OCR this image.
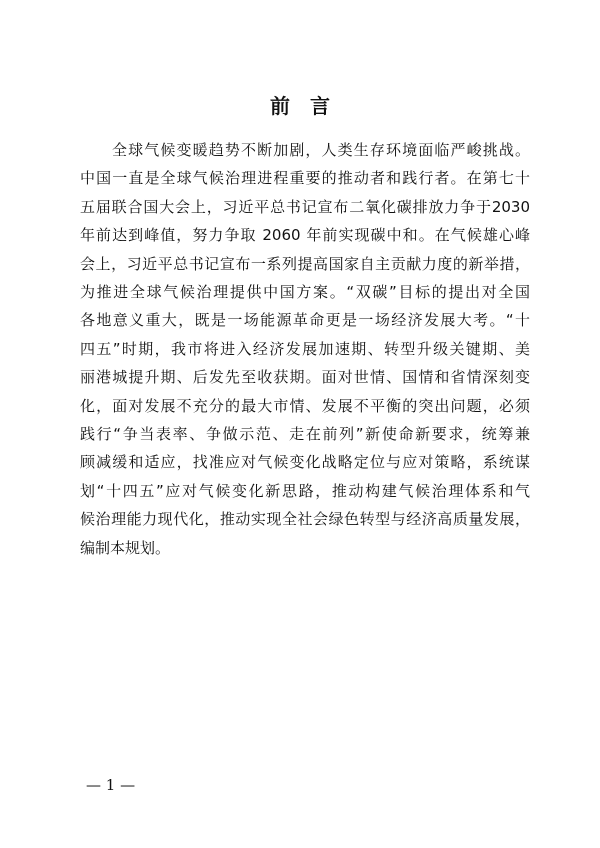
前　言
全球气候变暖趋势不断加剧，人类生存环境面临严峻挑战。
中国一直是全球气候治理进程重要的推动者和践行者。在第七十
五届联合国大会上，习近平总书记宣布二氧化碳排放力争于2030
年前达到峰值，努力争取 2060 年前实现碳中和。在气候雄心峰
会上，习近平总书记宣布一系列提高国家自主贡献力度的新举措，
为推进全球气候治理提供中国方案。“双碳”目标的提出对全国
各地意义重大，既是一场能源革命更是一场经济发展大考。“十
四五”时期，我市将进入经济发展加速期、转型升级关键期、美
丽港城提升期、后发先至收获期。面对世情、国情和省情深刻变
化，面对发展不充分的最大市情、发展不平衡的突出问题，必须
践行“争当表率、争做示范、走在前列”新使命新要求，统筹兼
顾减缓和适应，找准应对气候变化战略定位与应对策略，系统谋
划“十四五”应对气候变化新思路，推动构建气候治理体系和气
候治理能力现代化，推动实现全社会绿色转型与经济高质量发展，
编制本规划。
— 1 —
